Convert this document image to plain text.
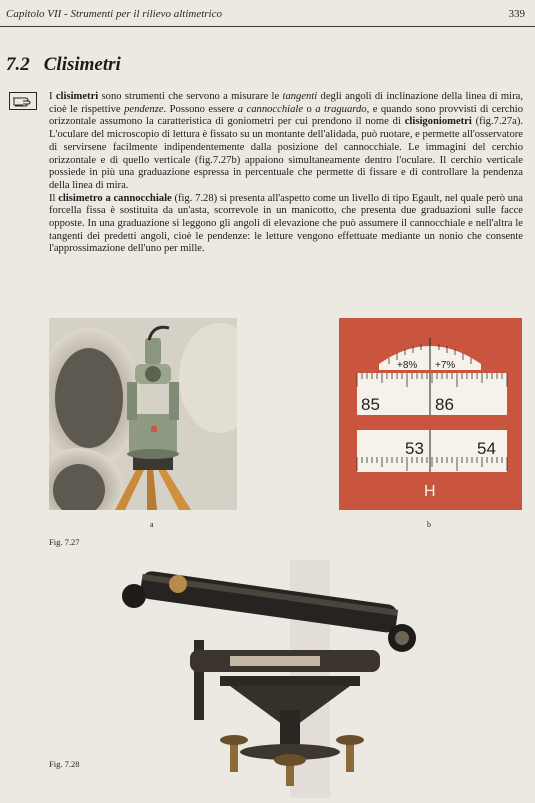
Capitolo VII - Strumenti per il rilievo altimetrico	339
7.2 Clisimetri

I clisimetri sono strumenti che servono a misurare le tangenti degli angoli di inclinazione della linea di mira, cioè le rispettive pendenze. Possono essere a cannocchiale o a traguardo, e quando sono provvisti di cerchio orizzontale assumono la caratteristica di goniometri per cui prendono il nome di clisigoniometri (fig.7.27a). L'oculare del microscopio di lettura è fissato su un montante dell'alidada, può ruotare, e permette all'osservatore di servirsene facilmente indipendentemente dalla posizione del cannocchiale. Le immagini del cerchio orizzontale e di quello verticale (fig.7.27b) appaiono simultaneamente dentro l'oculare. Il cerchio verticale possiede in più una graduazione espressa in percentuale che permette di fissare e di controllare la pendenza della linea di mira.

Il clisimetro a cannocchiale (fig. 7.28) si presenta all'aspetto come un livello di tipo Egault, nel quale però una forcella fissa è sostituita da un'asta, scorrevole in un manicotto, che presenta due graduazioni sulle facce opposte. In una graduazione si leggono gli angoli di elevazione che può assumere il cannocchiale e nell'altra le tangenti dei predetti angoli, cioè le pendenze: le letture vengono effettuate mediante un nonio che consente l'approssimazione dell'uno per mille.

a
+8% +7%
85	86
53	54
H
b
Fig. 7.27
Fig. 7.28
